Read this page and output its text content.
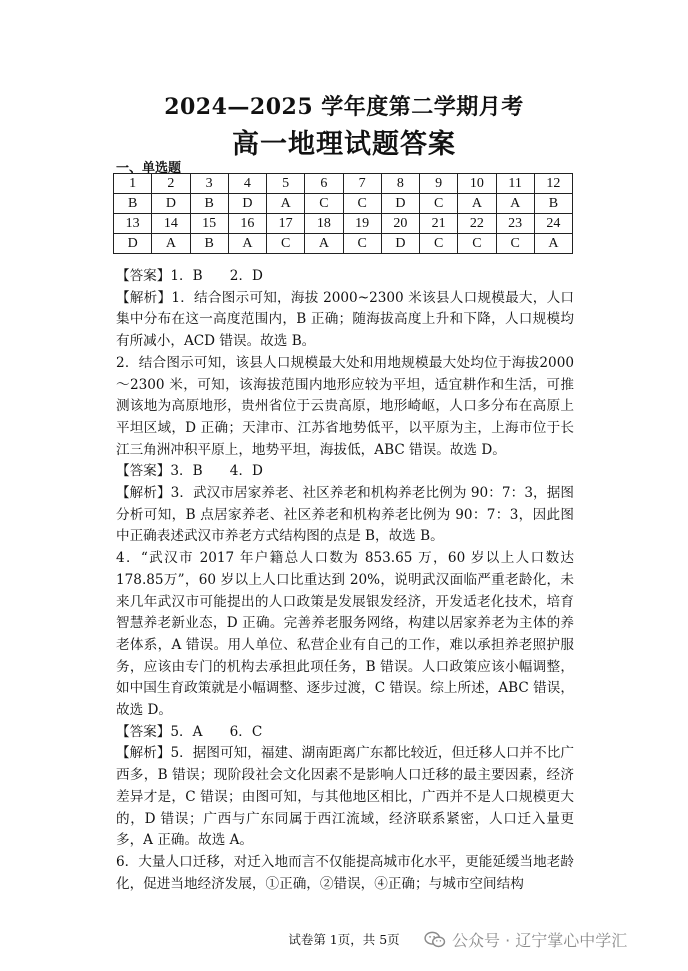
2024—2025 学年度第二学期月考
高一地理试题答案
一、单选题
1	2	3	4	5	6	7	8	9	10	11	12
B	D	B	D	A	C	C	D	C	A	A	B
13	14	15	16	17	18	19	20	21	22	23	24
D	A	B	A	C	A	C	D	C	C	C	A

【答案】1．B　　2．D

【解析】1．结合图示可知，海拔 2000~2300 米该县人口规模最大，人口集中分布在这一高度范围内，B 正确；随海拔高度上升和下降，人口规模均有所减小，ACD 错误。故选 B。

2．结合图示可知，该县人口规模最大处和用地规模最大处均位于海拔2000～2300 米，可知，该海拔范围内地形应较为平坦，适宜耕作和生活，可推测该地为高原地形，贵州省位于云贵高原，地形崎岖，人口多分布在高原上平坦区域，D 正确；天津市、江苏省地势低平，以平原为主，上海市位于长江三角洲冲积平原上，地势平坦，海拔低，ABC 错误。故选 D。

【答案】3．B　　4．D

【解析】3．武汉市居家养老、社区养老和机构养老比例为 90：7：3，据图分析可知，B 点居家养老、社区养老和机构养老比例为 90：7：3，因此图中正确表述武汉市养老方式结构图的点是 B，故选 B。

4．“武汉市 2017 年户籍总人口数为 853.65 万，60 岁以上人口数达 178.85万”，60 岁以上人口比重达到 20%，说明武汉面临严重老龄化，未来几年武汉市可能提出的人口政策是发展银发经济，开发适老化技术，培育智慧养老新业态，D 正确。完善养老服务网络，构建以居家养老为主体的养老体系，A 错误。用人单位、私营企业有自己的工作，难以承担养老照护服务，应该由专门的机构去承担此项任务，B 错误。人口政策应该小幅调整，如中国生育政策就是小幅调整、逐步过渡，C 错误。综上所述，ABC 错误，故选 D。

【答案】5．A　　6．C

【解析】5．据图可知，福建、湖南距离广东都比较近，但迁移人口并不比广西多，B 错误；现阶段社会文化因素不是影响人口迁移的最主要因素，经济差异才是，C 错误；由图可知，与其他地区相比，广西并不是人口规模更大的，D 错误；广西与广东同属于西江流域，经济联系紧密，人口迁入量更多，A 正确。故选 A。

6．大量人口迁移，对迁入地而言不仅能提高城市化水平，更能延缓当地老龄化，促进当地经济发展，①正确，②错误，④正确；与城市空间结构

试卷第 1页，共 5页	公众号 · 辽宁掌心中学汇
